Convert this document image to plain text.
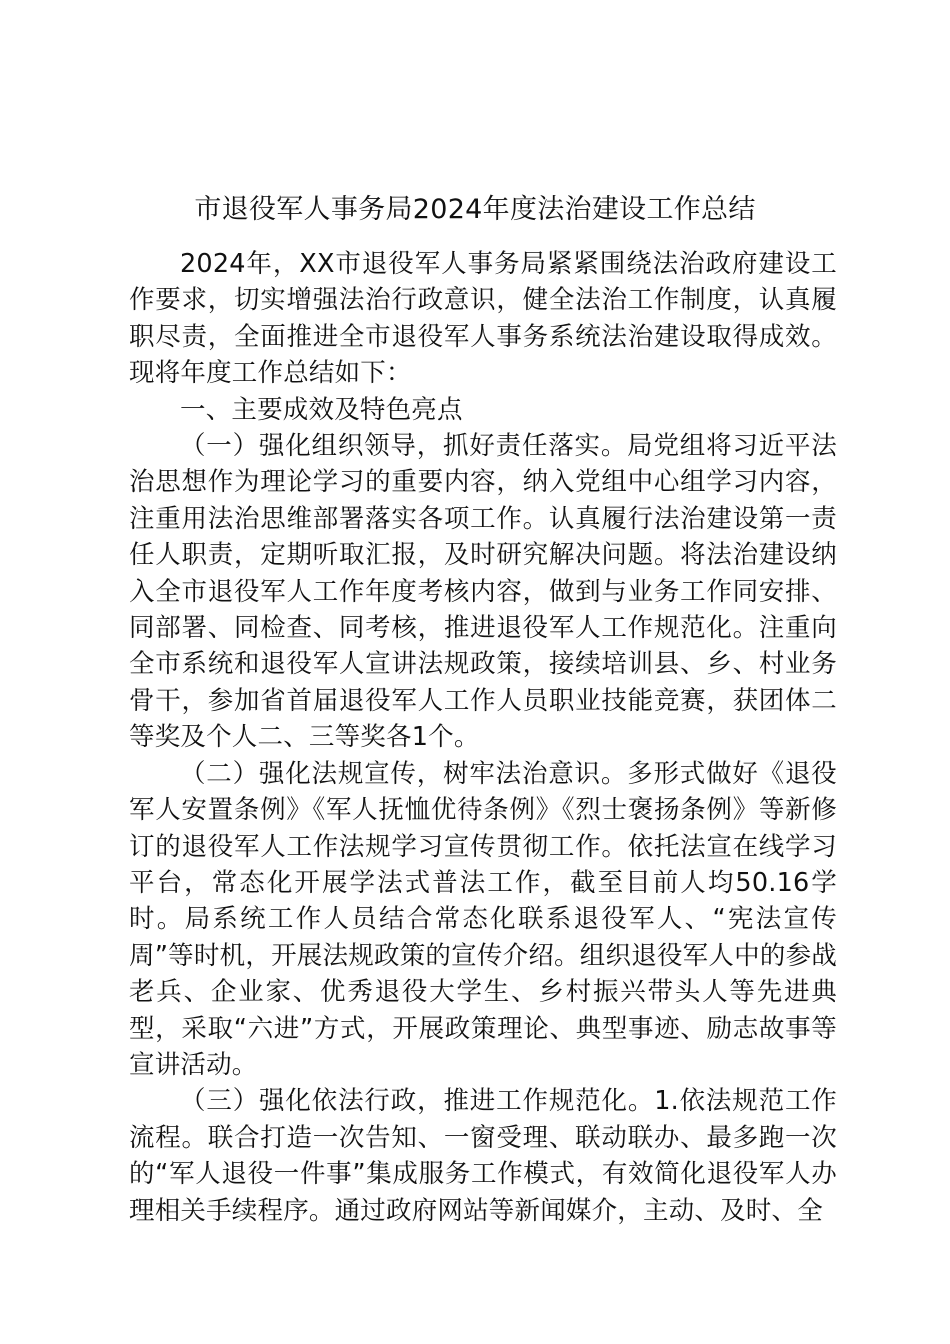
市退役军人事务局2024年度法治建设工作总结

2024年，XX市退役军人事务局紧紧围绕法治政府建设工作要求，切实增强法治行政意识，健全法治工作制度，认真履职尽责，全面推进全市退役军人事务系统法治建设取得成效。现将年度工作总结如下：

一、主要成效及特色亮点

（一）强化组织领导，抓好责任落实。局党组将习近平法治思想作为理论学习的重要内容，纳入党组中心组学习内容，注重用法治思维部署落实各项工作。认真履行法治建设第一责任人职责，定期听取汇报，及时研究解决问题。将法治建设纳入全市退役军人工作年度考核内容，做到与业务工作同安排、同部署、同检查、同考核，推进退役军人工作规范化。注重向全市系统和退役军人宣讲法规政策，接续培训县、乡、村业务骨干，参加省首届退役军人工作人员职业技能竞赛，获团体二等奖及个人二、三等奖各1个。

（二）强化法规宣传，树牢法治意识。多形式做好《退役军人安置条例》《军人抚恤优待条例》《烈士褒扬条例》等新修订的退役军人工作法规学习宣传贯彻工作。依托法宣在线学习平台，常态化开展学法式普法工作，截至目前人均50.16学时。局系统工作人员结合常态化联系退役军人、“宪法宣传周”等时机，开展法规政策的宣传介绍。组织退役军人中的参战老兵、企业家、优秀退役大学生、乡村振兴带头人等先进典型，采取“六进”方式，开展政策理论、典型事迹、励志故事等宣讲活动。

（三）强化依法行政，推进工作规范化。1.依法规范工作流程。联合打造一次告知、一窗受理、联动联办、最多跑一次的“军人退役一件事”集成服务工作模式，有效简化退役军人办理相关手续程序。通过政府网站等新闻媒介，主动、及时、全
